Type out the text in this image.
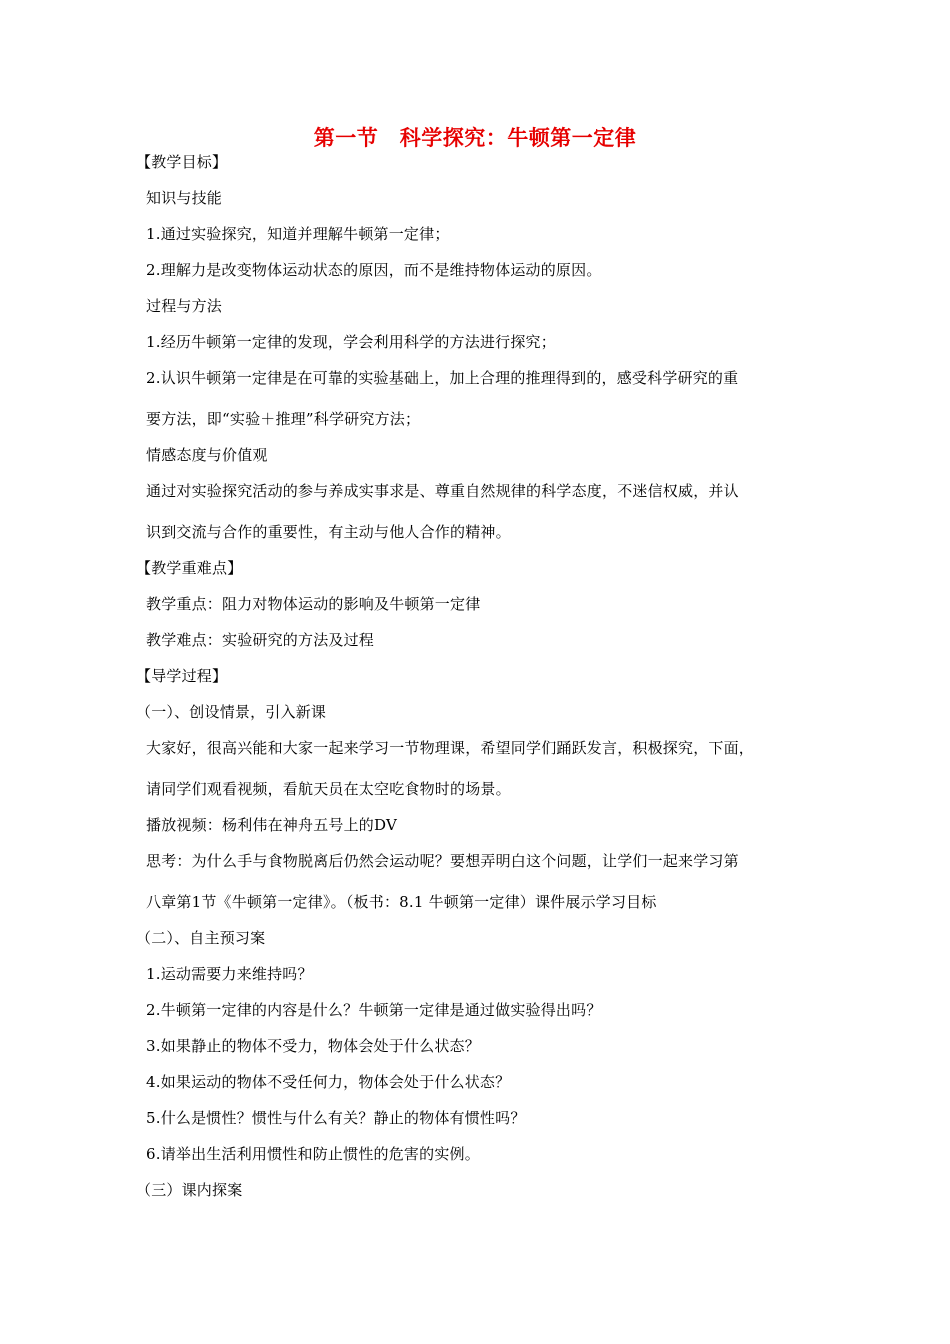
第一节　科学探究：牛顿第一定律
【教学目标】
知识与技能
1.通过实验探究，知道并理解牛顿第一定律；
2.理解力是改变物体运动状态的原因，而不是维持物体运动的原因。
过程与方法
1.经历牛顿第一定律的发现，学会利用科学的方法进行探究；
2.认识牛顿第一定律是在可靠的实验基础上，加上合理的推理得到的，感受科学研究的重
要方法，即“实验＋推理”科学研究方法；
情感态度与价值观
通过对实验探究活动的参与养成实事求是、尊重自然规律的科学态度，不迷信权威，并认
识到交流与合作的重要性，有主动与他人合作的精神。
【教学重难点】
教学重点：阻力对物体运动的影响及牛顿第一定律
教学难点：实验研究的方法及过程
【导学过程】
（一）、创设情景，引入新课
大家好，很高兴能和大家一起来学习一节物理课，希望同学们踊跃发言，积极探究，下面，
请同学们观看视频，看航天员在太空吃食物时的场景。
播放视频：杨利伟在神舟五号上的DV
思考：为什么手与食物脱离后仍然会运动呢？要想弄明白这个问题，让学们一起来学习第
八章第1节《牛顿第一定律》。（板书：8.1 牛顿第一定律）课件展示学习目标
（二）、自主预习案
1.运动需要力来维持吗？
2.牛顿第一定律的内容是什么？牛顿第一定律是通过做实验得出吗？
3.如果静止的物体不受力，物体会处于什么状态？
4.如果运动的物体不受任何力，物体会处于什么状态？
5.什么是惯性？惯性与什么有关？静止的物体有惯性吗？
6.请举出生活利用惯性和防止惯性的危害的实例。
（三）课内探案
